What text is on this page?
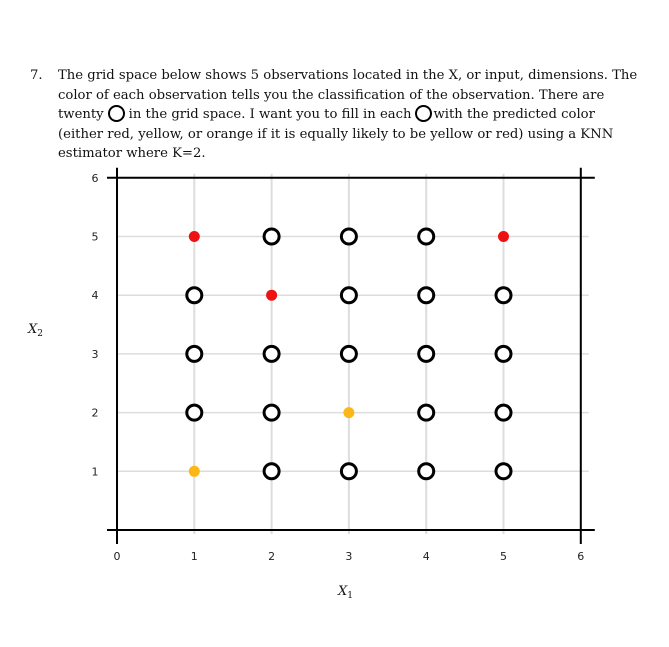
7. The grid space below shows 5 observations located in the X, or input, dimensions. The color of each observation tells you the classification of the observation. There are twenty in the grid space. I want you to fill in each with the predicted color (either red, yellow, or orange if it is equally likely to be yellow or red) using a KNN estimator where K=2.
0	1	2	3	4	5	6
1
2
3
4
5
6
$X_1$
$X_2$
